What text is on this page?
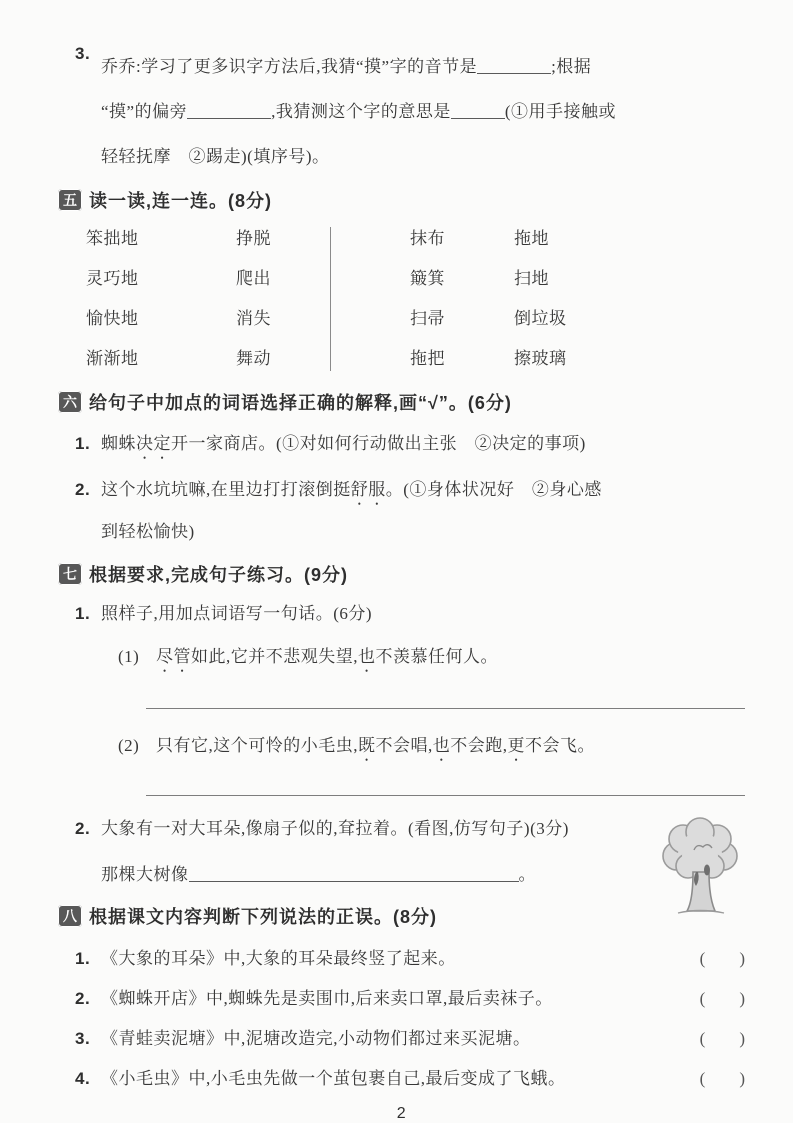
3.
乔乔:学习了更多识字方法后,我猜“摸”字的音节是	;根据
“摸”的偏旁	,我猜测这个字的意思是	(①用手接触或
轻轻抚摩　②踢走)(填序号)。
五 读一读,连一连。(8分)
笨拙地	挣脱	抹布	拖地
灵巧地	爬出	簸箕	扫地
愉快地	消失	扫帚	倒垃圾
渐渐地	舞动	拖把	擦玻璃
六 给句子中加点的词语选择正确的解释,画“√”。(6分)
1. 蜘蛛决定开一家商店。(①对如何行动做出主张　②决定的事项)
2. 这个水坑坑嘛,在里边打打滚倒挺舒服。(①身体状况好　②身心感
到轻松愉快)
七 根据要求,完成句子练习。(9分)
1. 照样子,用加点词语写一句话。(6分)
(1) 尽管如此,它并不悲观失望,也不羡慕任何人。
(2) 只有它,这个可怜的小毛虫,既不会唱,也不会跑,更不会飞。
2. 大象有一对大耳朵,像扇子似的,耷拉着。(看图,仿写句子)(3分)
那棵大树像	。
八 根据课文内容判断下列说法的正误。(8分)
1. 《大象的耳朵》中,大象的耳朵最终竖了起来。	(　　)
2. 《蜘蛛开店》中,蜘蛛先是卖围巾,后来卖口罩,最后卖袜子。	(　　)
3. 《青蛙卖泥塘》中,泥塘改造完,小动物们都过来买泥塘。	(　　)
4. 《小毛虫》中,小毛虫先做一个茧包裹自己,最后变成了飞蛾。	(　　)
2
